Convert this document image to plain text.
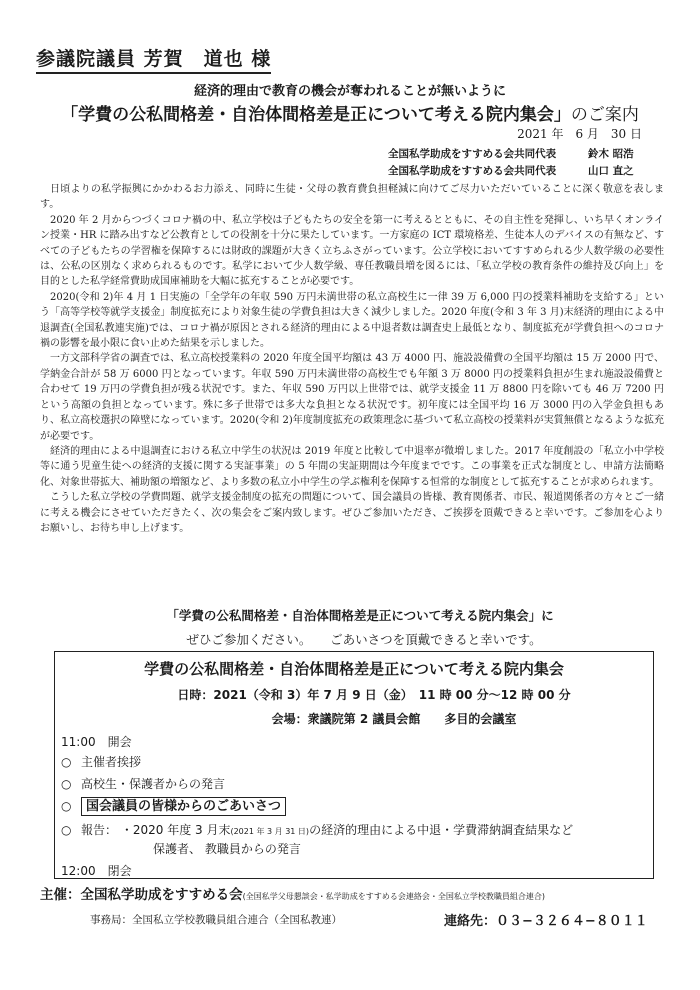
参議院議員 芳賀　道也 様
経済的理由で教育の機会が奪われることが無いように
「学費の公私間格差・自治体間格差是正について考える院内集会」のご案内
2021 年　6 月　30 日
全国私学助成をすすめる会共同代表	鈴木 昭浩
全国私学助成をすすめる会共同代表	山口 直之

日頃よりの私学振興にかかわるお力添え、同時に生徒・父母の教育費負担軽減に向けてご尽力いただいていることに深く敬意を表します。

2020 年 2 月からつづくコロナ禍の中、私立学校は子どもたちの安全を第一に考えるとともに、その自主性を発揮し、いち早くオンライン授業・HR に踏み出すなど公教育としての役割を十分に果たしています。一方家庭の ICT 環境格差、生徒本人のデバイスの有無など、すべての子どもたちの学習権を保障するには財政的課題が大きく立ちふさがっています。公立学校においてすすめられる少人数学級の必要性は、公私の区別なく求められるものです。私学において少人数学級、専任教職員増を図るには、「私立学校の教育条件の維持及び向上」を目的とした私学経常費助成国庫補助を大幅に拡充することが必要です。

2020(令和 2)年 4 月 1 日実施の「全学年の年収 590 万円未満世帯の私立高校生に一律 39 万 6,000 円の授業料補助を支給する」という「高等学校等就学支援金」制度拡充により対象生徒の学費負担は大きく減少しました。2020 年度(令和 3 年 3 月)末経済的理由による中退調査(全国私教連実施)では、コロナ禍が原因とされる経済的理由による中退者数は調査史上最低となり、制度拡充が学費負担へのコロナ禍の影響を最小限に食い止めた結果を示しました。

一方文部科学省の調査では、私立高校授業料の 2020 年度全国平均額は 43 万 4000 円、施設設備費の全国平均額は 15 万 2000 円で、学納金合計が 58 万 6000 円となっています。年収 590 万円未満世帯の高校生でも年額 3 万 8000 円の授業料負担が生まれ施設設備費と合わせて 19 万円の学費負担が残る状況です。また、年収 590 万円以上世帯では、就学支援金 11 万 8800 円を除いても 46 万 7200 円という高額の負担となっています。殊に多子世帯では多大な負担となる状況です。初年度には全国平均 16 万 3000 円の入学金負担もあり、私立高校選択の障壁になっています。2020(令和 2)年度制度拡充の政策理念に基づいて私立高校の授業料が実質無償となるような拡充が必要です。

経済的理由による中退調査における私立中学生の状況は 2019 年度と比較して中退率が微増しました。2017 年度創設の「私立小中学校等に通う児童生徒への経済的支援に関する実証事業」の 5 年間の実証期間は今年度までです。この事業を正式な制度とし、申請方法簡略化、対象世帯拡大、補助額の増額など、より多数の私立小中学生の学ぶ権利を保障する恒常的な制度として拡充することが求められます。

こうした私立学校の学費問題、就学支援金制度の拡充の問題について、国会議員の皆様、教育関係者、市民、報道関係者の方々とご一緒に考える機会にさせていただきたく、次の集会をご案内致します。ぜひご参加いただき、ご挨拶を頂戴できると幸いです。ご参加を心よりお願いし、お待ち申し上げます。

「学費の公私間格差・自治体間格差是正について考える院内集会」に
ぜひご参加ください。　　ごあいさつを頂戴できると幸いです。
学費の公私間格差・自治体間格差是正について考える院内集会
日時：2021（令和 3）年 7 月 9 日（金）　11 時 00 分〜12 時 00 分
会場：衆議院第 2 議員会館　　多目的会議室
11:00　開会
○ 主催者挨拶
○ 高校生・保護者からの発言
○ 国会議員の皆様からのごあいさつ
○ 報告： ・2020 年度 3 月末(2021 年 3 月 31 日)の経済的理由による中退・学費滞納調査結果など
保護者、 教職員からの発言
12:00　閉会
主催：全国私学助成をすすめる会(全国私学父母懇談会・私学助成をすすめる会連絡会・全国私立学校教職員組合連合)
事務局：全国私立学校教職員組合連合（全国私教連）	連絡先：０３−３２６４−８０１１
